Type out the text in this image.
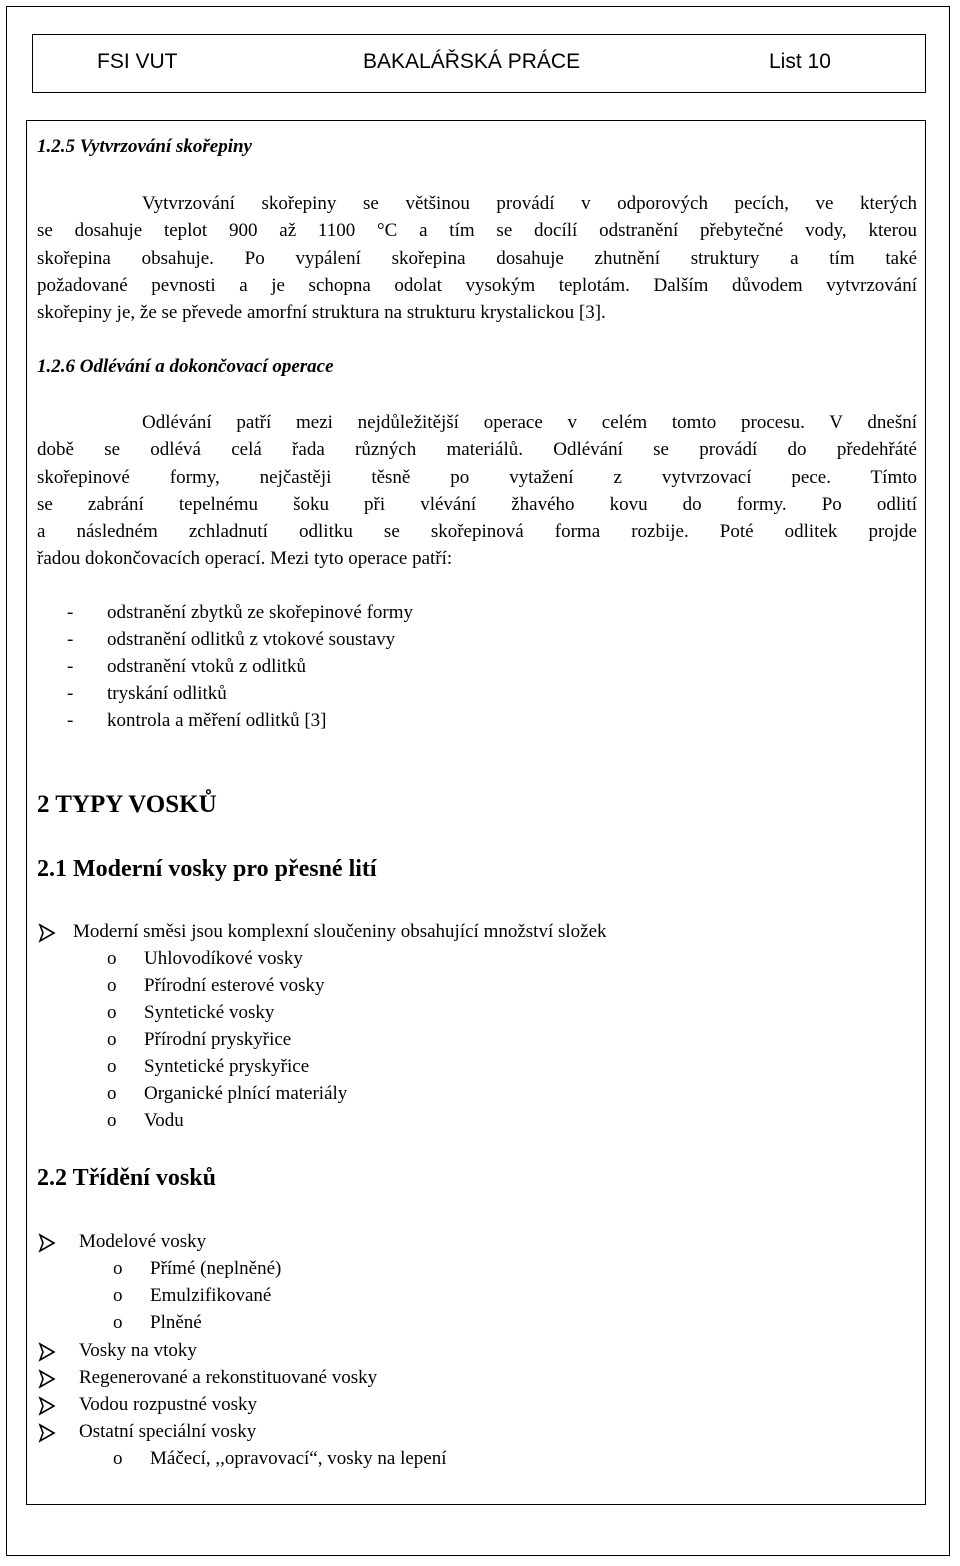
FSI VUT	BAKALÁŘSKÁ PRÁCE	List 10
1.2.5 Vytvrzování skořepiny
Vytvrzování skořepiny se většinou provádí v odporových pecích, ve kterých
se dosahuje teplot 900 až 1100 °C a tím se docílí odstranění přebytečné vody, kterou
skořepina obsahuje. Po vypálení skořepina dosahuje zhutnění struktury a tím také
požadované pevnosti a je schopna odolat vysokým teplotám. Dalším důvodem vytvrzování
skořepiny je, že se převede amorfní struktura na strukturu krystalickou [3].
1.2.6 Odlévání a dokončovací operace
Odlévání patří mezi nejdůležitější operace v celém tomto procesu. V dnešní
době se odlévá celá řada různých materiálů. Odlévání se provádí do předehřáté
skořepinové formy, nejčastěji těsně po vytažení z vytvrzovací pece. Tímto
se zabrání tepelnému šoku při vlévání žhavého kovu do formy. Po odlití
a následném zchladnutí odlitku se skořepinová forma rozbije. Poté odlitek projde
řadou dokončovacích operací. Mezi tyto operace patří:
- odstranění zbytků ze skořepinové formy
- odstranění odlitků z vtokové soustavy
- odstranění vtoků z odlitků
- tryskání odlitků
- kontrola a měření odlitků [3]
2 TYPY VOSKŮ
2.1 Moderní vosky pro přesné lití
Moderní směsi jsou komplexní sloučeniny obsahující množství složek
o Uhlovodíkové vosky
o Přírodní esterové vosky
o Syntetické vosky
o Přírodní pryskyřice
o Syntetické pryskyřice
o Organické plnící materiály
o Vodu
2.2 Třídění vosků
Modelové vosky
o Přímé (neplněné)
o Emulzifikované
o Plněné
Vosky na vtoky
Regenerované a rekonstituované vosky
Vodou rozpustné vosky
Ostatní speciální vosky
o Máčecí, ,,opravovací“, vosky na lepení
